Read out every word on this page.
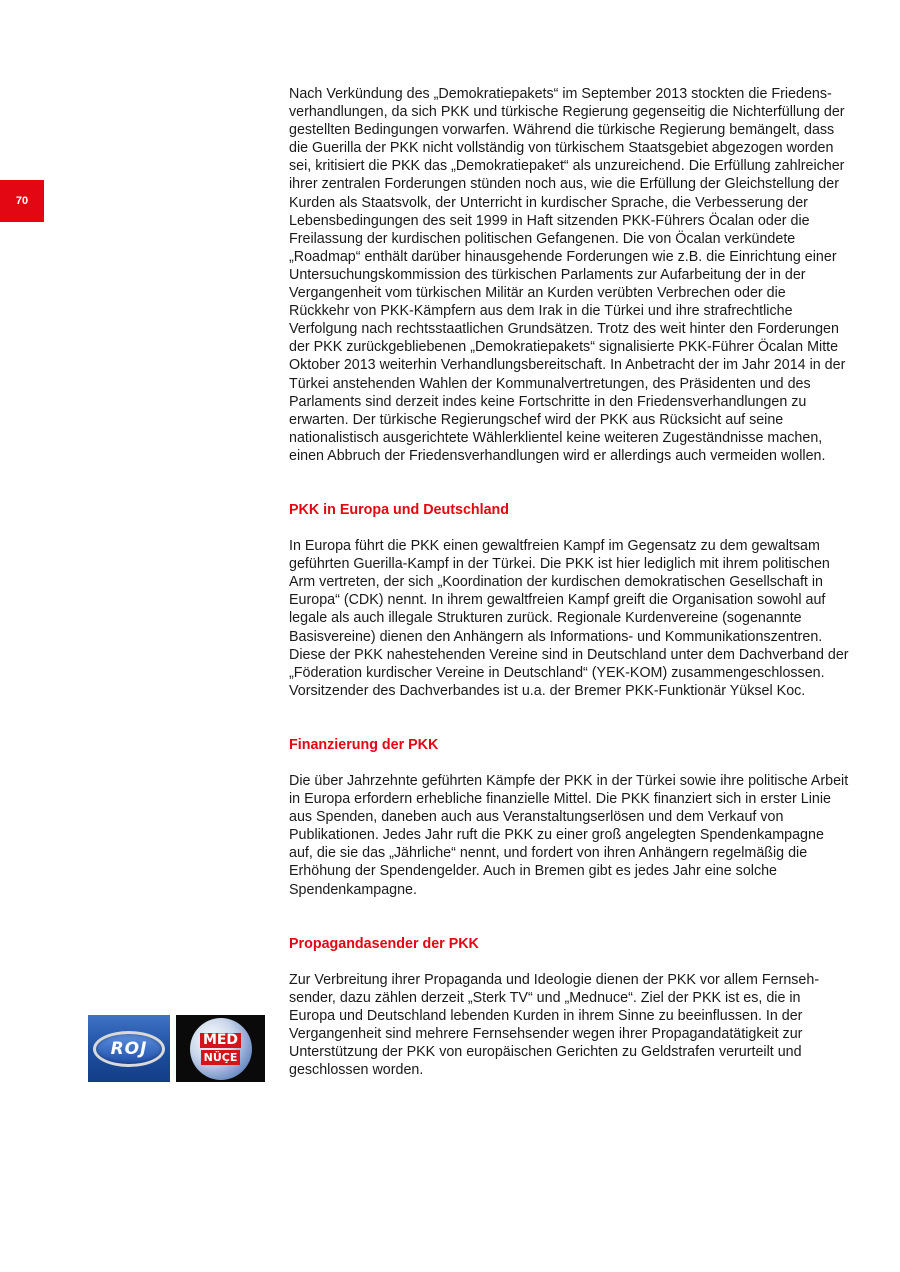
70

Nach Verkündung des „Demokratiepakets“ im September 2013 stockten die Friedensverhandlungen, da sich PKK und türkische Regierung gegenseitig die Nichterfüllung der gestellten Bedingungen vorwarfen. Während die türkische Regierung bemängelt, dass die Guerilla der PKK nicht vollständig von türkischem Staatsgebiet abgezogen worden sei, kritisiert die PKK das „Demokratiepaket“ als unzureichend. Die Erfüllung zahlreicher ihrer zentralen Forderungen stünden noch aus, wie die Erfüllung der Gleichstellung der Kurden als Staatsvolk, der Unterricht in kurdischer Sprache, die Verbesserung der Lebensbedingungen des seit 1999 in Haft sitzenden PKK-Führers Öcalan oder die Freilassung der kurdischen politischen Gefangenen. Die von Öcalan verkündete „Roadmap“ enthält darüber hinausgehende Forderungen wie z.B. die Einrichtung einer Untersuchungskommission des türkischen Parlaments zur Aufarbeitung der in der Vergangenheit vom türkischen Militär an Kurden verübten Verbrechen oder die Rückkehr von PKK-Kämpfern aus dem Irak in die Türkei und ihre strafrechtliche Verfolgung nach rechtsstaatlichen Grundsätzen. Trotz des weit hinter den Forderungen der PKK zurückgebliebenen „Demokratiepakets“ signalisierte PKK-Führer Öcalan Mitte Oktober 2013 weiterhin Verhandlungsbereitschaft. In Anbetracht der im Jahr 2014 in der Türkei anstehenden Wahlen der Kommunalvertretungen, des Präsidenten und des Parlaments sind derzeit indes keine Fortschritte in den Friedensverhandlungen zu erwarten. Der türkische Regierungschef wird der PKK aus Rücksicht auf seine nationalistisch ausgerichtete Wählerklientel keine weiteren Zugeständnisse machen, einen Abbruch der Friedensverhandlungen wird er allerdings auch vermeiden wollen.

PKK in Europa und Deutschland

In Europa führt die PKK einen gewaltfreien Kampf im Gegensatz zu dem gewaltsam geführten Guerilla-Kampf in der Türkei. Die PKK ist hier lediglich mit ihrem politischen Arm vertreten, der sich „Koordination der kurdischen demokratischen Gesellschaft in Europa“ (CDK) nennt. In ihrem gewaltfreien Kampf greift die Organisation sowohl auf legale als auch illegale Strukturen zurück. Regionale Kurdenvereine (sogenannte Basisvereine) dienen den Anhängern als Informations- und Kommunikationszentren. Diese der PKK nahestehenden Vereine sind in Deutschland unter dem Dachverband der „Föderation kurdischer Vereine in Deutschland“ (YEK-KOM) zusammengeschlossen. Vorsitzender des Dachverbandes ist u.a. der Bremer PKK-Funktionär Yüksel Koc.

Finanzierung der PKK

Die über Jahrzehnte geführten Kämpfe der PKK in der Türkei sowie ihre politische Arbeit in Europa erfordern erhebliche finanzielle Mittel. Die PKK finanziert sich in erster Linie aus Spenden, daneben auch aus Veranstaltungserlösen und dem Verkauf von Publikationen. Jedes Jahr ruft die PKK zu einer groß angelegten Spendenkampagne auf, die sie das „Jährliche“ nennt, und fordert von ihren Anhängern regelmäßig die Erhöhung der Spendengelder. Auch in Bremen gibt es jedes Jahr eine solche Spendenkampagne.

Propagandasender der PKK

Zur Verbreitung ihrer Propaganda und Ideologie dienen der PKK vor allem Fernsehsender, dazu zählen derzeit „Sterk TV“ und „Mednuce“. Ziel der PKK ist es, die in Europa und Deutschland lebenden Kurden in ihrem Sinne zu beeinflussen. In der Vergangenheit sind mehrere Fernsehsender wegen ihrer Propagandatätigkeit zur Unterstützung der PKK von europäischen Gerichten zu Geldstrafen verurteilt und geschlossen worden.

ROJ	MED
NÜÇE
